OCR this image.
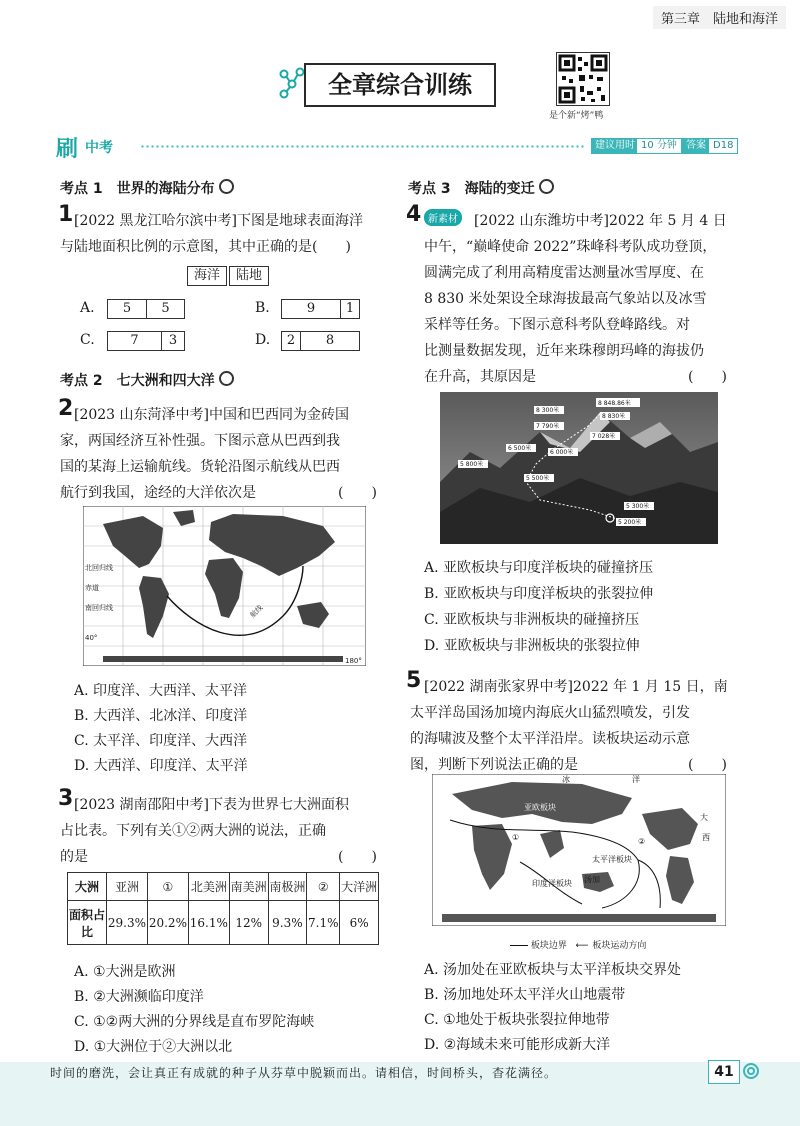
第三章　陆地和海洋
全章综合训练
是个新“烤”鸭
刷 中考	建议用时 10 分钟 答案 D18
考点 1　世界的海陆分布
1 [2022 黑龙江哈尔滨中考]下图是地球表面海洋
与陆地面积比例的示意图，其中正确的是(　　)
海洋	陆地
A.	5	5	B.	9	1
C.	7	3	D.	2	8
考点 2　七大洲和四大洋
2 [2023 山东菏泽中考]中国和巴西同为金砖国
家，两国经济互补性强。下图示意从巴西到我
国的某海上运输航线。货轮沿图示航线从巴西
航行到我国，途经的大洋依次是	(　　)
北回归线
赤道
南回归线
40°
180°
航线
A. 印度洋、大西洋、太平洋
B. 大西洋、北冰洋、印度洋
C. 太平洋、印度洋、大西洋
D. 大西洋、印度洋、太平洋
3 [2023 湖南邵阳中考]下表为世界七大洲面积
占比表。下列有关①②两大洲的说法，正确
的是	(　　)
大洲	亚洲	①	北美洲	南美洲	南极洲	②	大洋洲
面积占比	29.3%	20.2%	16.1%	12%	9.3%	7.1%	6%
A. ①大洲是欧洲
B. ②大洲濒临印度洋
C. ①②两大洲的分界线是直布罗陀海峡
D. ①大洲位于②大洲以北
考点 3　海陆的变迁
4 新素材 [2022 山东潍坊中考]2022 年 5 月 4 日
中午，“巅峰使命 2022”珠峰科考队成功登顶，
圆满完成了利用高精度雷达测量冰雪厚度、在
8 830 米处架设全球海拔最高气象站以及冰雪
采样等任务。下图示意科考队登峰路线。对
比测量数据发现，近年来珠穆朗玛峰的海拔仍
在升高，其原因是	(　　)
8 848.86米
8 300米
8 830米
7 790米
7 028米
6 500米
6 000米
5 800米
5 500米
5 300米
5 200米
A. 亚欧板块与印度洋板块的碰撞挤压
B. 亚欧板块与印度洋板块的张裂拉伸
C. 亚欧板块与非洲板块的碰撞挤压
D. 亚欧板块与非洲板块的张裂拉伸
5 [2022 湖南张家界中考]2022 年 1 月 15 日，南
太平洋岛国汤加境内海底火山猛烈喷发，引发
的海啸波及整个太平洋沿岸。读板块运动示意
图，判断下列说法正确的是	(　　)
冰	洋
亚欧板块
太平洋板块
印度洋板块 汤加
①	②
大
西
板块边界 ⟵ 板块运动方向
A. 汤加处在亚欧板块与太平洋板块交界处
B. 汤加地处环太平洋火山地震带
C. ①地处于板块张裂拉伸地带
D. ②海域未来可能形成新大洋
时间的磨洗，会让真正有成就的种子从芬草中脱颖而出。请相信，时间桥头，杳花满径。	41
